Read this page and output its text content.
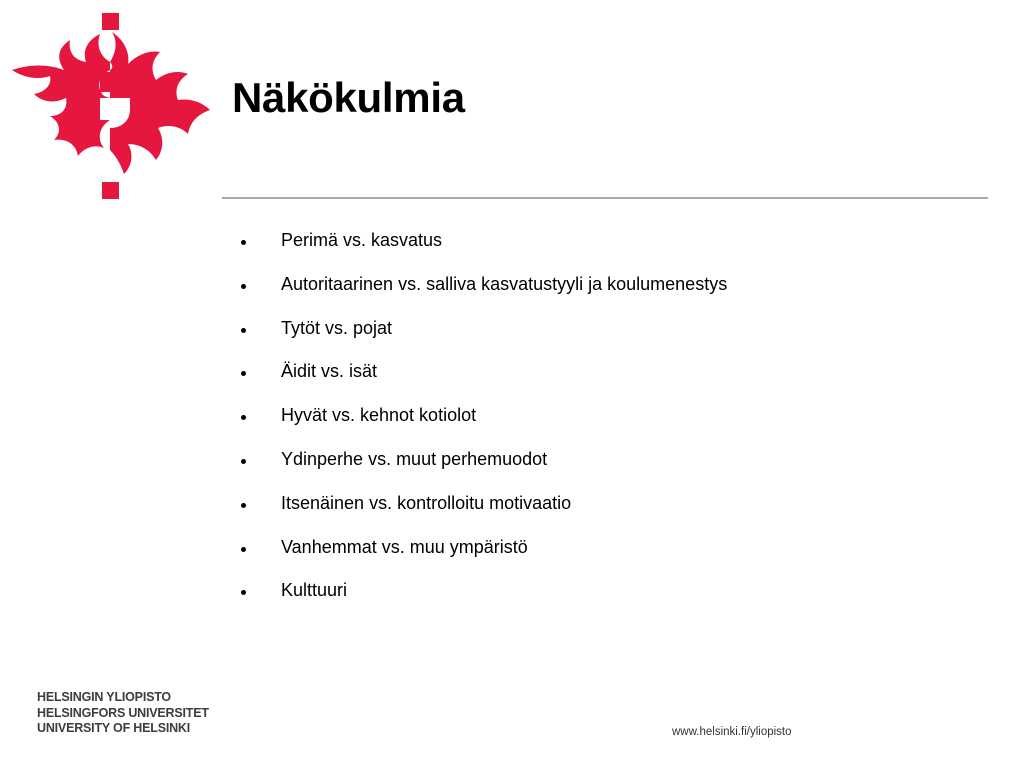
Näkökulmia
Perimä vs. kasvatus
Autoritaarinen vs. salliva kasvatustyyli ja koulumenestys
Tytöt vs. pojat
Äidit vs. isät
Hyvät vs. kehnot kotiolot
Ydinperhe vs. muut perhemuodot
Itsenäinen vs. kontrolloitu motivaatio
Vanhemmat vs. muu ympäristö
Kulttuuri
HELSINGIN YLIOPISTO
HELSINGFORS UNIVERSITET
UNIVERSITY OF HELSINKI	www.helsinki.fi/yliopisto
